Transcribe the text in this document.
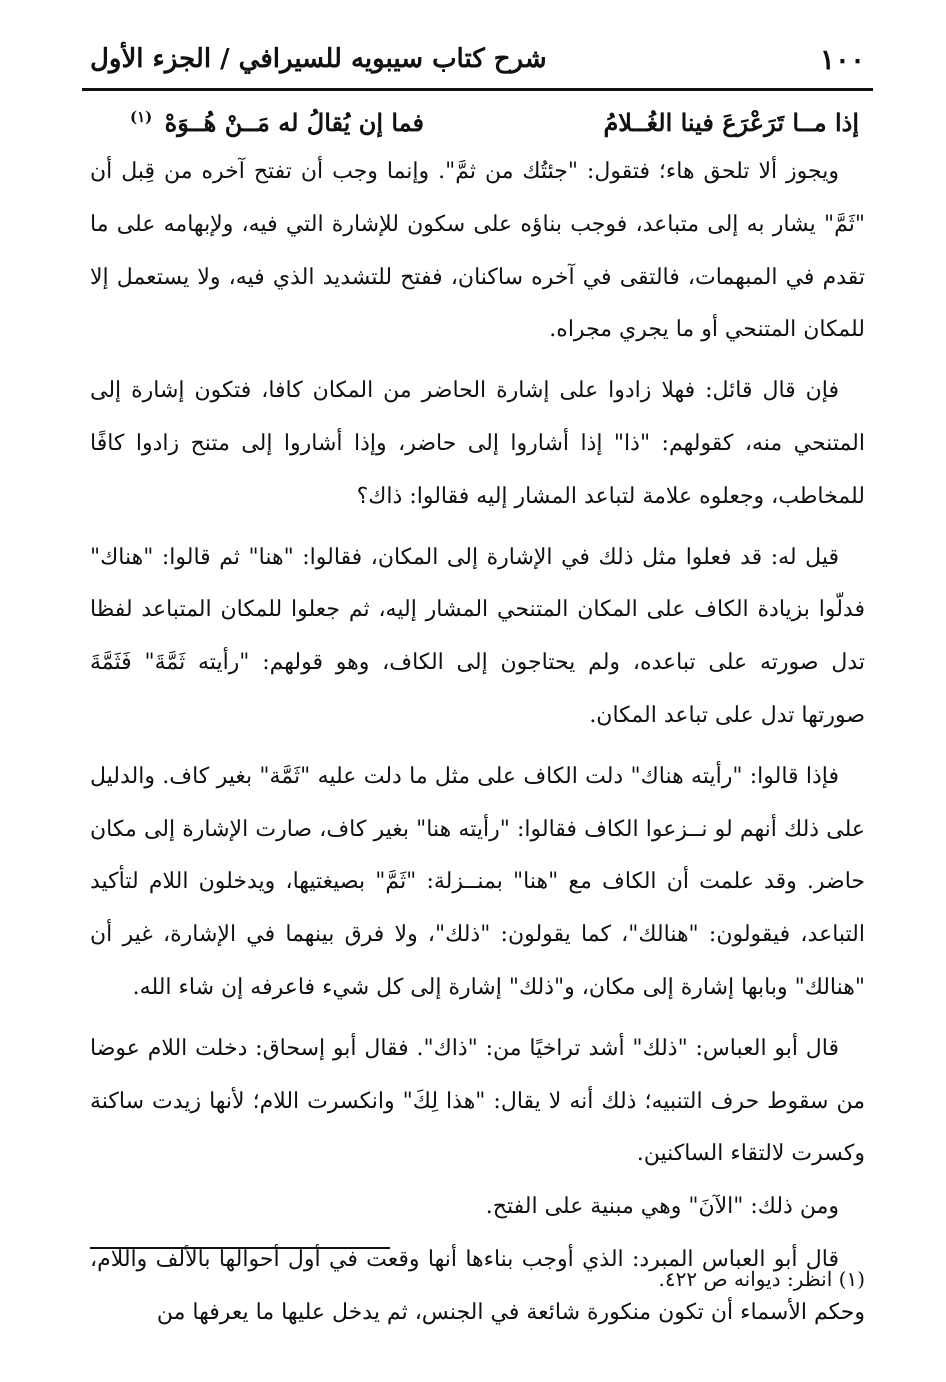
١٠٠
شرح كتاب سيبويه للسيرافي / الجزء الأول
إذا مــا تَرَعْرَعَ فينا الغُــلامُ
فما إن يُقالُ له مَــنْ هُــوَهْ $^{(١)}$

ويجوز ألا تلحق هاء؛ فتقول: "جئتُك من ثمَّ". وإنما وجب أن تفتح آخره من قِبل أن "ثَمَّ" يشار به إلى متباعد، فوجب بناؤه على سكون للإشارة التي فيه، ولإبهامه على ما تقدم في المبهمات، فالتقى في آخره ساكنان، ففتح للتشديد الذي فيه، ولا يستعمل إلا للمكان المتنحي أو ما يجري مجراه.

فإن قال قائل: فهلا زادوا على إشارة الحاضر من المكان كافا، فتكون إشارة إلى المتنحي منه، كقولهم: "ذا" إذا أشاروا إلى حاضر، وإذا أشاروا إلى متنح زادوا كافًا للمخاطب، وجعلوه علامة لتباعد المشار إليه فقالوا: ذاك؟

قيل له: قد فعلوا مثل ذلك في الإشارة إلى المكان، فقالوا: "هنا" ثم قالوا: "هناك" فدلّوا بزيادة الكاف على المكان المتنحي المشار إليه، ثم جعلوا للمكان المتباعد لفظا تدل صورته على تباعده، ولم يحتاجون إلى الكاف، وهو قولهم: "رأيته ثَمَّةَ" فَثَمَّةَ صورتها تدل على تباعد المكان.

فإذا قالوا: "رأيته هناك" دلت الكاف على مثل ما دلت عليه "ثَمَّة" بغير كاف. والدليل على ذلك أنهم لو نــزعوا الكاف فقالوا: "رأيته هنا" بغير كاف، صارت الإشارة إلى مكان حاضر. وقد علمت أن الكاف مع "هنا" بمنــزلة: "ثَمَّ" بصيغتيها، ويدخلون اللام لتأكيد التباعد، فيقولون: "هنالك"، كما يقولون: "ذلك"، ولا فرق بينهما في الإشارة، غير أن "هنالك" وبابها إشارة إلى مكان، و"ذلك" إشارة إلى كل شيء فاعرفه إن شاء الله.

قال أبو العباس: "ذلك" أشد تراخيًا من: "ذاك". فقال أبو إسحاق: دخلت اللام عوضا من سقوط حرف التنبيه؛ ذلك أنه لا يقال: "هذا لِكَ" وانكسرت اللام؛ لأنها زيدت ساكنة وكسرت لالتقاء الساكنين.

ومن ذلك: "الآنَ" وهي مبنية على الفتح.

قال أبو العباس المبرد: الذي أوجب بناءها أنها وقعت في أول أحوالها بالألف واللام، وحكم الأسماء أن تكون منكورة شائعة في الجنس، ثم يدخل عليها ما يعرفها من

(١) انظر: ديوانه ص ٤٢٢.
